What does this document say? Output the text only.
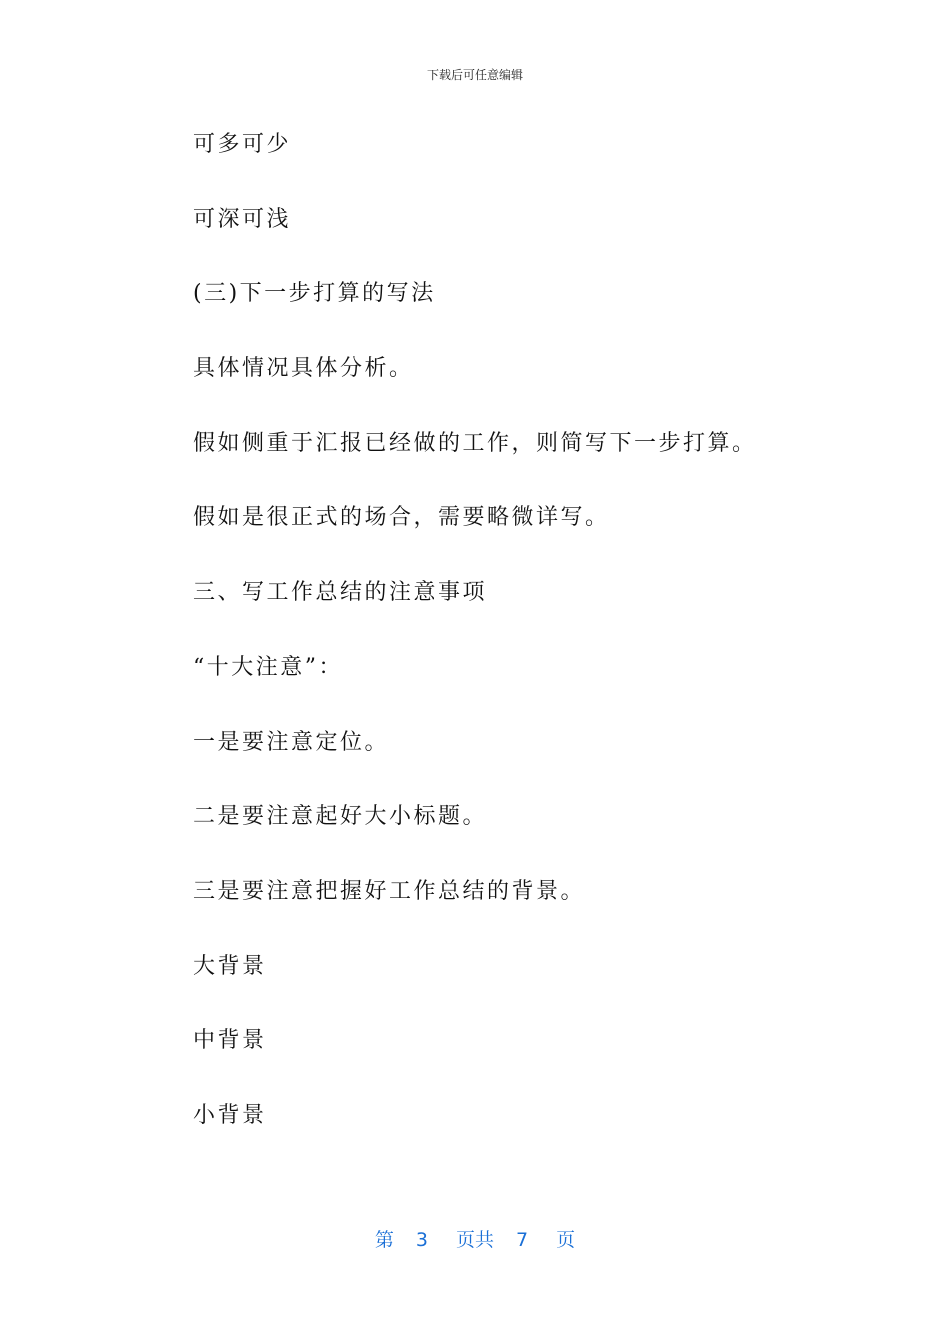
下载后可任意编辑
可多可少
可深可浅
(三)下一步打算的写法
具体情况具体分析。
假如侧重于汇报已经做的工作，则简写下一步打算。
假如是很正式的场合，需要略微详写。
三、写工作总结的注意事项
“十大注意”：
一是要注意定位。
二是要注意起好大小标题。
三是要注意把握好工作总结的背景。
大背景
中背景
小背景
第 3 页共 7 页
